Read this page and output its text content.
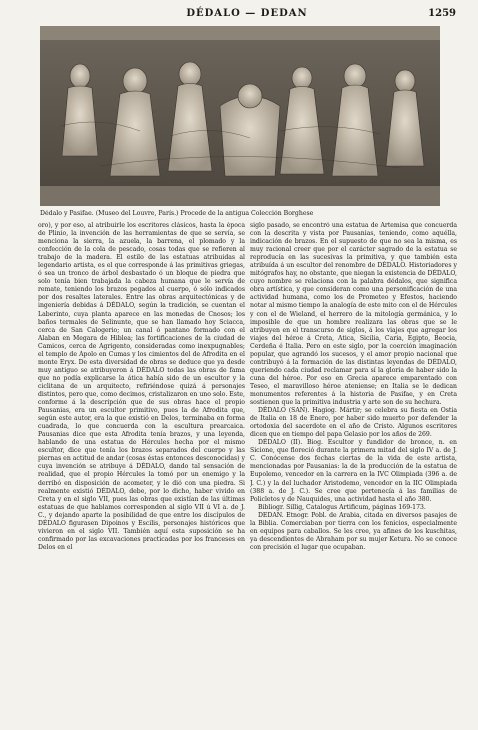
DÉDALO — DEDAN	1259
Dédalo y Pasifae. (Museo del Louvre, París.) Procede de la antigua Colección Borghese

oro), y por eso, al atribuirle los escritores clásicos, hasta la época de Plinio, la invención de las herramientas de que se servía, se menciona la sierra, la azuela, la barrena, el plomado y la confección de la cola de pescado, cosas todas que se refieren al trabajo de la madera. El estilo de las estatuas atribuidas al legendario artista, es el que corresponde á las primitivas griegas, ó sea un tronco de árbol desbastado ó un bloque de piedra que solo tenía bien trabajada la cabeza humana que le servía de remate, teniendo los brazos pegados al cuerpo, ó sólo indicados por dos resaltes laterales. Entre las obras arquitectónicas y de ingeniería debidas á DÉDALO, según la tradición, se cuentan el Laberinto, cuya planta aparece en las monedas de Cnosos; los baños termales de Selinunte, que se han llamado hoy Sciacca, cerca de San Calogerio; un canal ó pantano formado con el Alaban en Megara de Hiblea; las fortificaciones de la ciudad de Camicos, cerca de Agrigento, consideradas como inexpugnables; el templo de Apolo en Cumas y los cimientos del de Afrodita en el monte Eryx. De esta diversidad de obras se deduce que ya desde muy antiguo se atribuyeron á DÉDALO todas las obras de fama que no podía explicarse la ática había sido de un escultor y la ciclitana de un arquitecto, refiriéndose quizá á personajes distintos, pero que, como decimos, cristalizaron en uno solo. Este, conforme á la descripción que de sus obras hace el propio Pausanias, era un escultor primitivo, pues la de Afrodita que, según este autor, era la que existió en Delos, terminaba en forma cuadrada, lo que concuerda con la escultura prearcaica. Pausanias dice que esta Afrodita tenía brazos, y una leyenda, hablando de una estatua de Hércules hecha por el mismo escultor, dice que tenía los brazos separados del cuerpo y las piernas en actitud de andar (cosas éstas entonces desconocidas) y cuya invención se atribuye á DÉDALO, dando tal sensación de realidad, que el propio Hércules la tomó por un enemigo y la derribó en disposición de acometer, y le dió con una piedra. Si realmente existió DÉDALO, debe, por lo dicho, haber vivido en Creta y en el siglo VII, pues las obras que existían de las últimas estatuas de que hablamos corresponden al siglo VII ú VI a. de J. C., y dejando aparte la posibilidad de que entre los discípulos de DÉDALO figurasen Dipoinos y Escilis, personajes históricos que vivieron en el siglo VII. También aquí esta suposición se ha confirmado por las excavaciones practicadas por los franceses en Delos en el

siglo pasado, se encontró una estatua de Artemisa que concuerda con la descrita y vista por Pausanias, teniendo, como aquélla, indicación de brazos. En el supuesto de que no sea la misma, es muy racional creer que por el carácter sagrado de la estatua se reproducía en las sucesivas la primitiva, y que también esta atribuída á un escultor del renombre de DÉDALO. Historiadores y mitógrafos hay, no obstante, que niegan la existencia de DÉDALO, cuyo nombre se relaciona con la palabra dédalos, que significa obra artística, y que consideran como una personificación de una actividad humana, como los de Prometeo y Efestos, haciendo notar al mismo tiempo la analogía de este mito con el de Hércules y con el de Wieland, el herrero de la mitología germánica, y lo imposible de que un hombre realizara las obras que se le atribuyen en el transcurso de siglos, á los viajes que agregar los viajes del héroe á Creta, Atica, Sicilia, Caria, Egipto, Beocia, Cerdeña é Italia. Pero en este siglo, por la coerción imaginación popular, que agrandó los sucesos, y el amor propio nacional que contribuyó á la formación de las distintas leyendas de DÉDALO, queriendo cada ciudad reclamar para sí la gloria de haber sido la cuna del héroe. Por eso en Grecia aparece emparentado con Teseo, el maravilloso héroe ateniense; en Italia se le dedican monumentos referentes á la historia de Pasifae, y en Creta sostienen que la primitiva industria y arte son de su hechura.

DÉDALO (SAN). Hagiog. Mártir; se celebra su fiesta en Ostia de Italia en 18 de Enero, por haber sido muerto por defender la ortodoxia del sacerdote en el año de Cristo. Algunos escritores dicen que en tiempo del papa Gelasio por los años de 269.

DÉDALO (II). Biog. Escultor y fundidor de bronce, n. en Sicione, que floreció durante la primera mitad del siglo IV a. de J. C. Conócense dos fechas ciertas de la vida de este artista, mencionadas por Pausanias: la de la producción de la estatua de Eupolemo, vencedor en la carrera en la IVC Olimpiada (396 a. de J. C.) y la del luchador Aristodemo, vencedor en la IIC Olimpiada (388 a. de J. C.). Se cree que pertenecía á las familias de Policletos y de Nauquides, una actividad hasta el año 380.

Bibliogr. Sillig, Catalogus Artificum, páginas 169-173.

DEDAN. Etnogr. Pobl. de Arabia, citada en diversos pasajes de la Biblia. Comerciaban por tierra con los fenicios, especialmente en equipos para caballos. Se les cree, ya afines de los kuschitas, ya descendientes de Abraham por su mujer Ketura. No se conoce con precisión el lugar que ocupaban.
